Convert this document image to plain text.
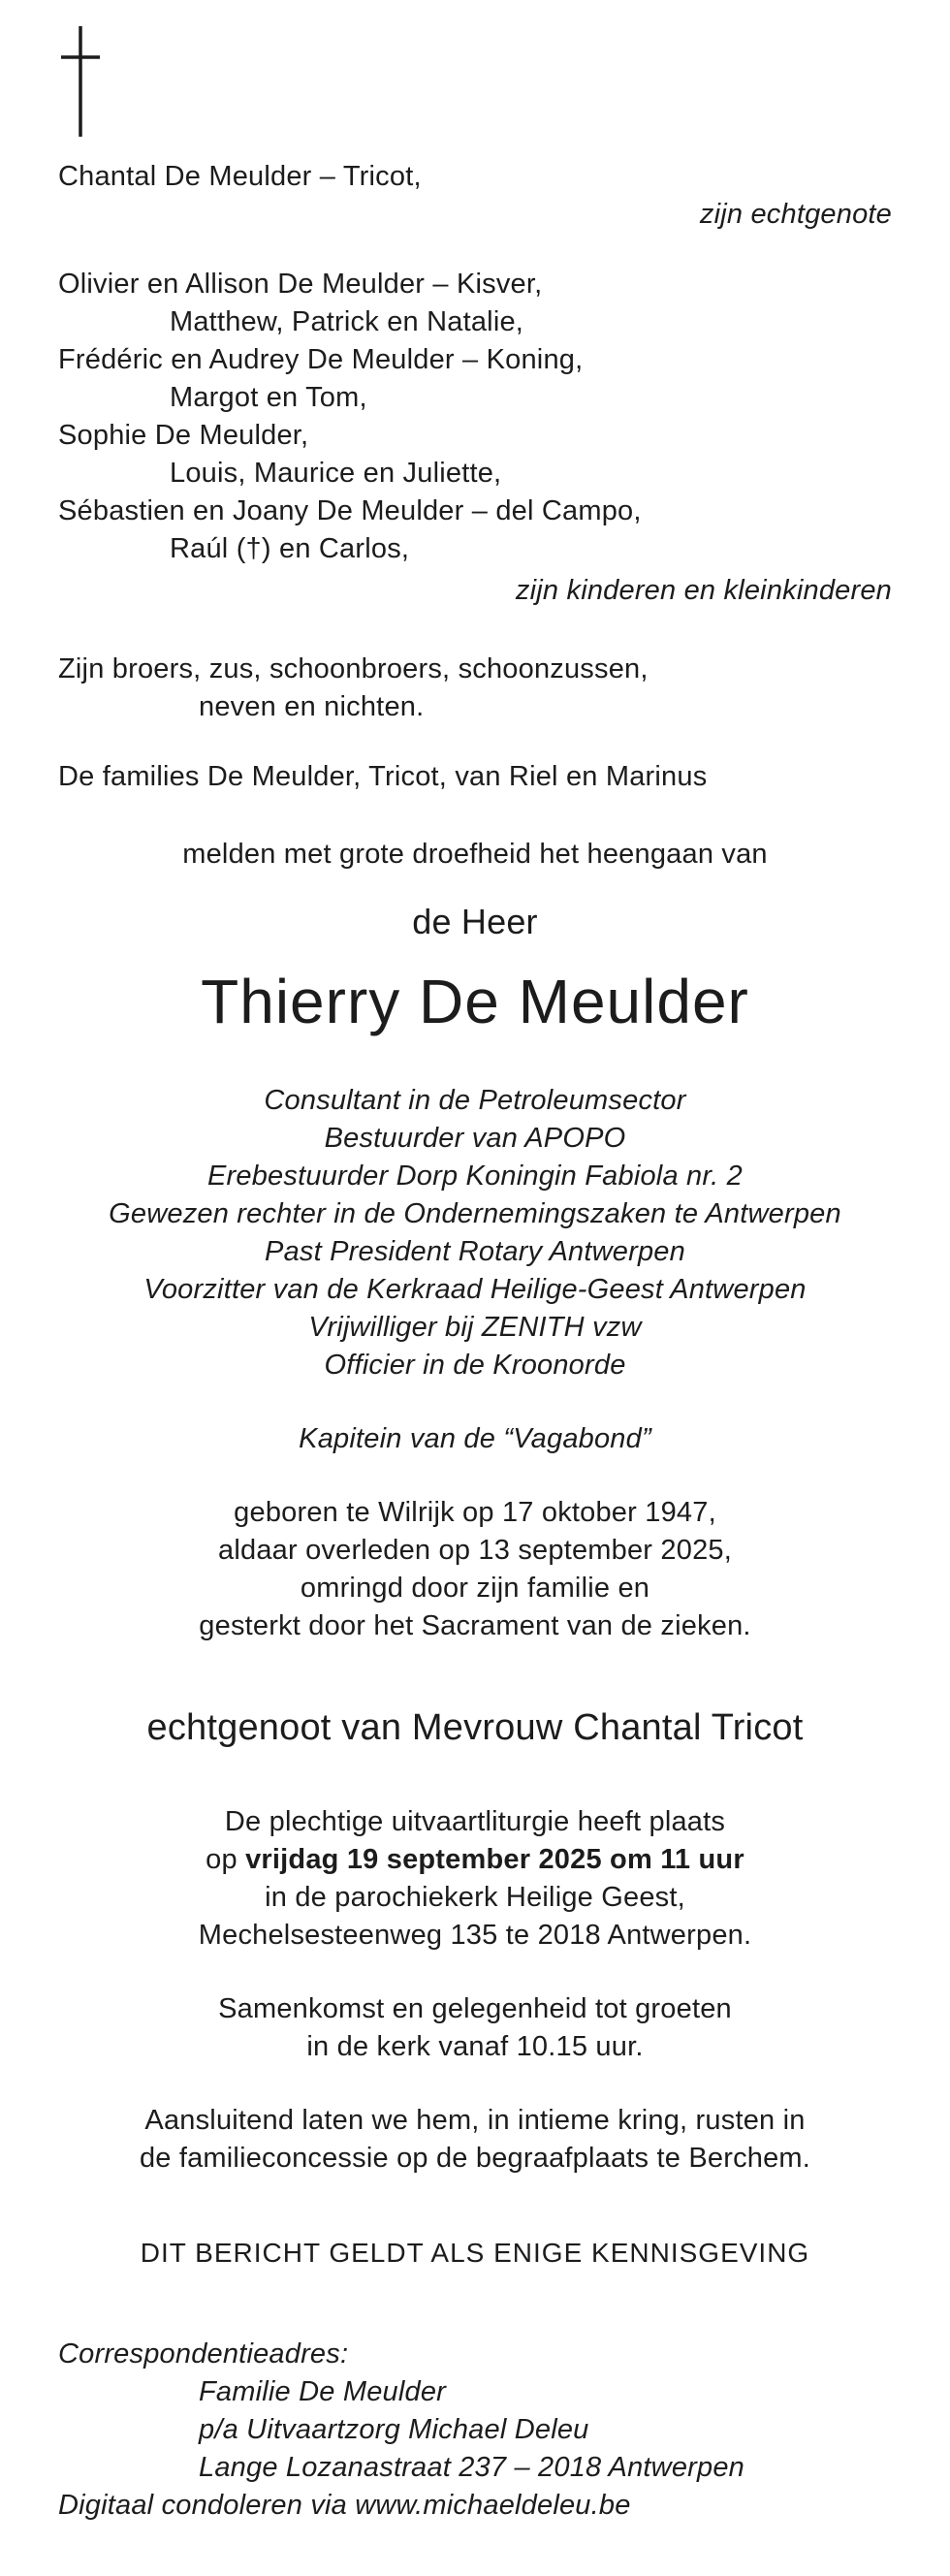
Chantal De Meulder – Tricot,
zijn echtgenote
Olivier en Allison De Meulder – Kisver,
Matthew, Patrick en Natalie,
Frédéric en Audrey De Meulder – Koning,
Margot en Tom,
Sophie De Meulder,
Louis, Maurice en Juliette,
Sébastien en Joany De Meulder – del Campo,
Raúl (†) en Carlos,
zijn kinderen en kleinkinderen
Zijn broers, zus, schoonbroers, schoonzussen,
neven en nichten.
De families De Meulder, Tricot, van Riel en Marinus
melden met grote droefheid het heengaan van
de Heer
Thierry De Meulder
Consultant in de Petroleumsector
Bestuurder van APOPO
Erebestuurder Dorp Koningin Fabiola nr. 2
Gewezen rechter in de Ondernemingszaken te Antwerpen
Past President Rotary Antwerpen
Voorzitter van de Kerkraad Heilige-Geest Antwerpen
Vrijwilliger bij ZENITH vzw
Officier in de Kroonorde
Kapitein van de “Vagabond”
geboren te Wilrijk op 17 oktober 1947,
aldaar overleden op 13 september 2025,
omringd door zijn familie en
gesterkt door het Sacrament van de zieken.
echtgenoot van Mevrouw Chantal Tricot
De plechtige uitvaartliturgie heeft plaats
op vrijdag 19 september 2025 om 11 uur
in de parochiekerk Heilige Geest,
Mechelsesteenweg 135 te 2018 Antwerpen.
Samenkomst en gelegenheid tot groeten
in de kerk vanaf 10.15 uur.
Aansluitend laten we hem, in intieme kring, rusten in
de familieconcessie op de begraafplaats te Berchem.
DIT BERICHT GELDT ALS ENIGE KENNISGEVING
Correspondentieadres:
Familie De Meulder
p/a Uitvaartzorg Michael Deleu
Lange Lozanastraat 237 – 2018 Antwerpen
Digitaal condoleren via www.michaeldeleu.be
